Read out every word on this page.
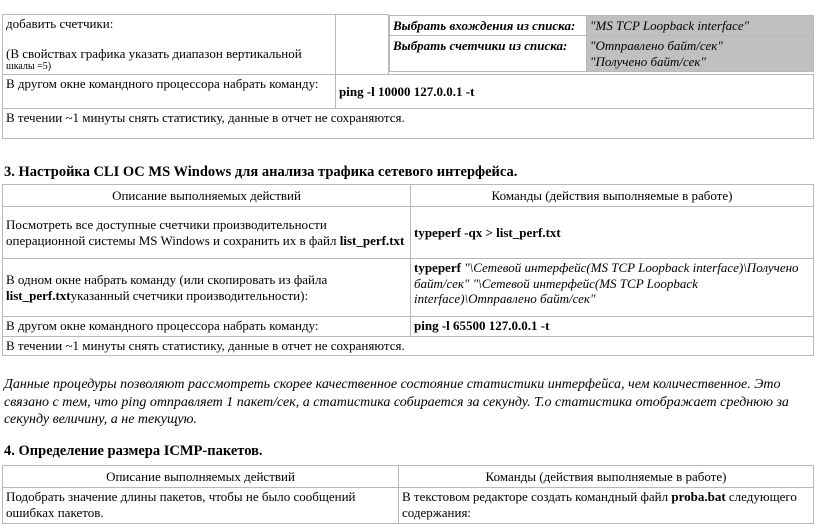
добавить счетчики:
(В свойствах графика указать диапазон вертикальной
шкалы =5)

Выбрать вхождения из списка:	"MS TCP Loopback interface"
Выбрать счетчики из списка:	"Отправлено байт/сек"
"Получено байт/сек"

В другом окне командного процессора набрать команду:	ping -l 10000 127.0.0.1 -t
В течении ~1 минуты снять статистику, данные в отчет не сохраняются.
3. Настройка CLI ОС MS Windows для анализа трафика сетевого интерфейса.
Описание выполняемых действий	Команды (действия выполняемые в работе)
Посмотреть все доступные счетчики производительности операционной системы MS Windows и сохранить их в файл list_perf.txt	typeperf -qx > list_perf.txt
В одном окне набрать команду (или скопировать из файла list_perf.txtуказанный счетчики производительности):	typeperf "\Сетевой интерфейс(MS TCP Loopback interface)\Получено байт/сек" "\Сетевой интерфейс(MS TCP Loopback interface)\Отправлено байт/сек"
В другом окне командного процессора набрать команду:	ping -l 65500 127.0.0.1 -t
В течении ~1 минуты снять статистику, данные в отчет не сохраняются.	
Данные процедуры позволяют рассмотреть скорее качественное состояние статистики интерфейса, чем количественное. Это связано с тем, что ping отправляет 1 пакет/сек, а статистика собирается за секунду. Т.о статистика отображает среднюю за секунду величину, а не текущую.
4. Определение размера ICMP-пакетов.
Описание выполняемых действий	Команды (действия выполняемые в работе)
Подобрать значение длины пакетов, чтобы не было сообщений ошибках пакетов.	В текстовом редакторе создать командный файл proba.bat следующего содержания:
